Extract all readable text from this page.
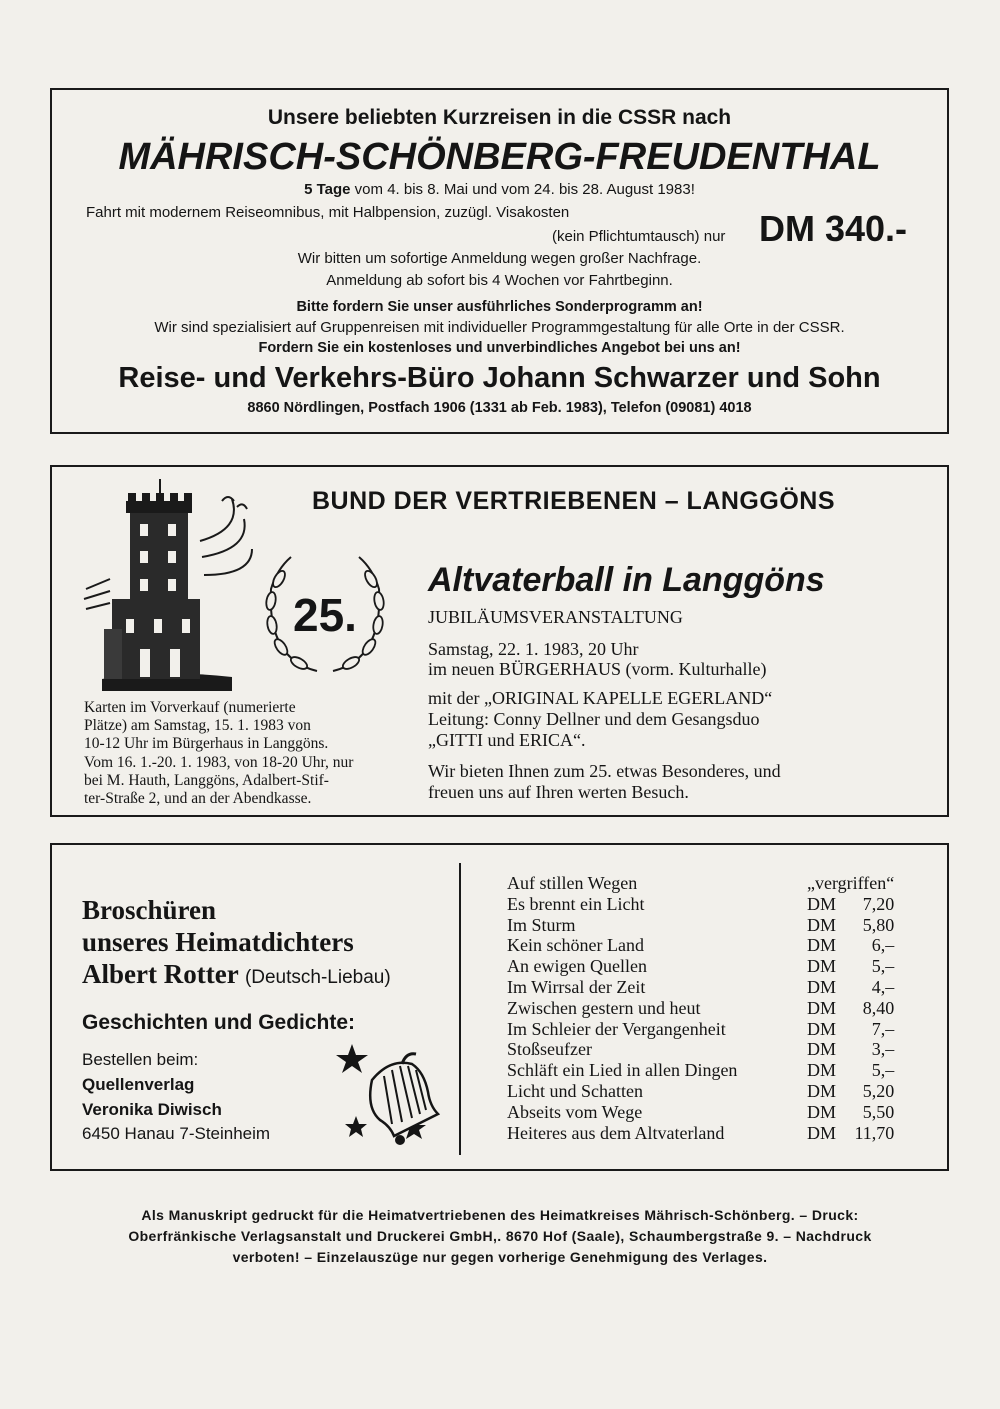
Unsere beliebten Kurzreisen in die CSSR nach
MÄHRISCH-SCHÖNBERG-FREUDENTHAL
5 Tage vom 4. bis 8. Mai und vom 24. bis 28. August 1983!
Fahrt mit modernem Reiseomnibus, mit Halbpension, zuzügl. Visakosten
(kein Pflichtumtausch) nur DM 340.-
Wir bitten um sofortige Anmeldung wegen großer Nachfrage.
Anmeldung ab sofort bis 4 Wochen vor Fahrtbeginn.
Bitte fordern Sie unser ausführliches Sonderprogramm an!
Wir sind spezialisiert auf Gruppenreisen mit individueller Programmgestaltung für alle Orte in der CSSR.
Fordern Sie ein kostenloses und unverbindliches Angebot bei uns an!
Reise- und Verkehrs-Büro Johann Schwarzer und Sohn
8860 Nördlingen, Postfach 1906 (1331 ab Feb. 1983), Telefon (09081) 4018
BUND DER VERTRIEBENEN – LANGGÖNS
25.
Altvaterball in Langgöns
JUBILÄUMSVERANSTALTUNG
Samstag, 22. 1. 1983, 20 Uhr
im neuen BÜRGERHAUS (vorm. Kulturhalle)
mit der „ORIGINAL KAPELLE EGERLAND“
Leitung: Conny Dellner und dem Gesangsduo
„GITTI und ERICA“.
Wir bieten Ihnen zum 25. etwas Besonderes, und
freuen uns auf Ihren werten Besuch.
Karten im Vorverkauf (numerierte
Plätze) am Samstag, 15. 1. 1983 von
10-12 Uhr im Bürgerhaus in Langgöns.
Vom 16. 1.-20. 1. 1983, von 18-20 Uhr, nur
bei M. Hauth, Langgöns, Adalbert-Stif-
ter-Straße 2, und an der Abendkasse.
Broschüren
unseres Heimatdichters
Albert Rotter (Deutsch-Liebau)
Geschichten und Gedichte:
Bestellen beim:
Quellenverlag
Veronika Diwisch
6450 Hanau 7-Steinheim
Auf stillen Wegen	„vergriffen“	
Es brennt ein Licht	DM	7,20
Im Sturm	DM	5,80
Kein schöner Land	DM	6,–
An ewigen Quellen	DM	5,–
Im Wirrsal der Zeit	DM	4,–
Zwischen gestern und heut	DM	8,40
Im Schleier der Vergangenheit	DM	7,–
Stoßseufzer	DM	3,–
Schläft ein Lied in allen Dingen	DM	5,–
Licht und Schatten	DM	5,20
Abseits vom Wege	DM	5,50
Heiteres aus dem Altvaterland	DM	11,70
Als Manuskript gedruckt für die Heimatvertriebenen des Heimatkreises Mährisch-Schönberg. – Druck:
Oberfränkische Verlagsanstalt und Druckerei GmbH,. 8670 Hof (Saale), Schaumbergstraße 9. – Nachdruck
verboten! – Einzelauszüge nur gegen vorherige Genehmigung des Verlages.
